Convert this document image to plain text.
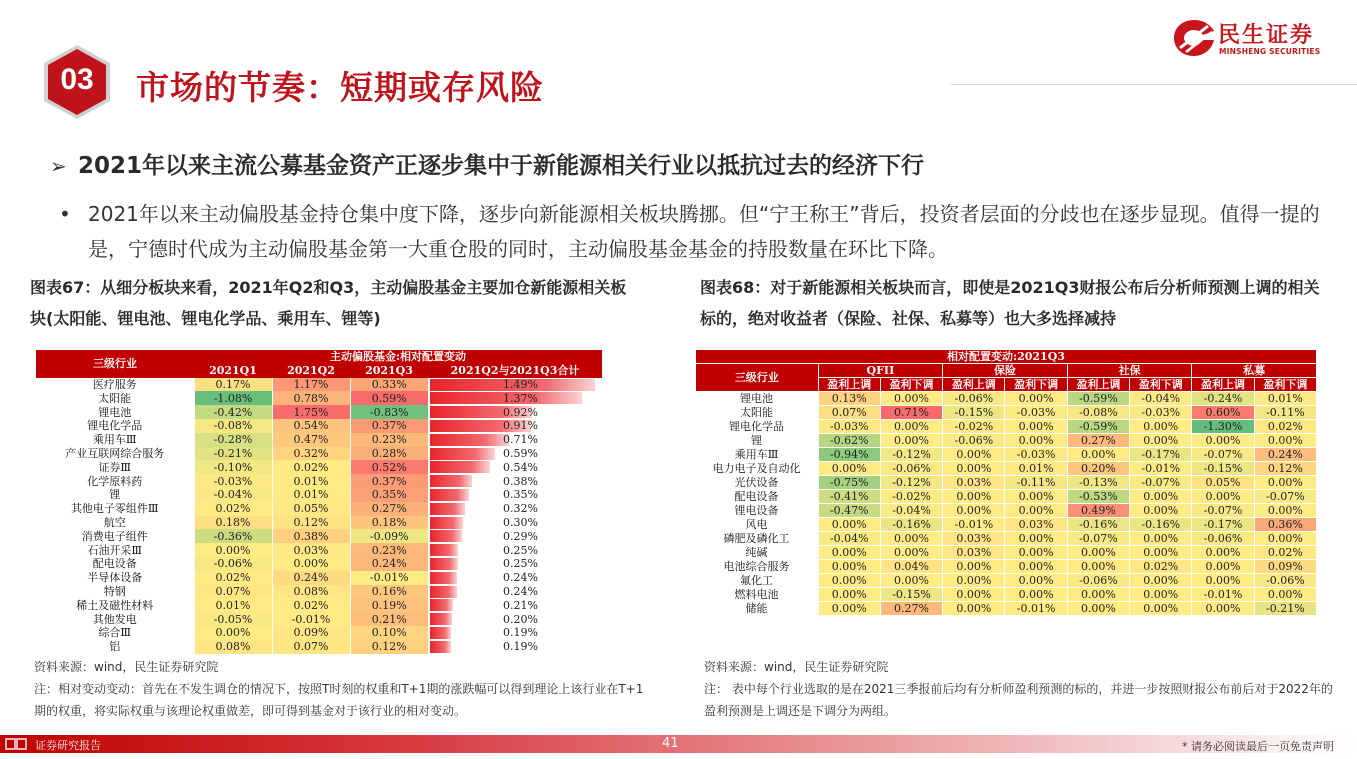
民生证券
MINSHENG SECURITIES
03	市场的节奏：短期或存风险
➢ 2021年以来主流公募基金资产正逐步集中于新能源相关行业以抵抗过去的经济下行
• 2021年以来主动偏股基金持仓集中度下降，逐步向新能源相关板块腾挪。但“宁王称王”背后，投资者层面的分歧也在逐步显现。值得一提的是，宁德时代成为主动偏股基金第一大重仓股的同时，主动偏股基金基金的持股数量在环比下降。
图表67：从细分板块来看，2021年Q2和Q3，主动偏股基金主要加仓新能源相关板块(太阳能、锂电池、锂电化学品、乘用车、锂等)
图表68：对于新能源相关板块而言，即使是2021Q3财报公布后分析师预测上调的相关标的，绝对收益者（保险、社保、私募等）也大多选择减持
三级行业	主动偏股基金:相对配置变动			
	2021Q1	2021Q2	2021Q3	2021Q2与2021Q3合计
医疗服务	0.17%	1.17%	0.33%	1.49%
太阳能	-1.08%	0.78%	0.59%	1.37%
锂电池	-0.42%	1.75%	-0.83%	0.92%
锂电化学品	-0.08%	0.54%	0.37%	0.91%
乘用车Ⅲ	-0.28%	0.47%	0.23%	0.71%
产业互联网综合服务	-0.21%	0.32%	0.28%	0.59%
证券Ⅲ	-0.10%	0.02%	0.52%	0.54%
化学原料药	-0.03%	0.01%	0.37%	0.38%
锂	-0.04%	0.01%	0.35%	0.35%
其他电子零组件Ⅲ	0.02%	0.05%	0.27%	0.32%
航空	0.18%	0.12%	0.18%	0.30%
消费电子组件	-0.36%	0.38%	-0.09%	0.29%
石油开采Ⅲ	0.00%	0.03%	0.23%	0.25%
配电设备	-0.06%	0.00%	0.24%	0.25%
半导体设备	0.02%	0.24%	-0.01%	0.24%
特钢	0.07%	0.08%	0.16%	0.24%
稀土及磁性材料	0.01%	0.02%	0.19%	0.21%
其他发电	-0.05%	-0.01%	0.21%	0.20%
综合Ⅲ	0.00%	0.09%	0.10%	0.19%
铝	0.08%	0.07%	0.12%	0.19%
相对配置变动:2021Q3								
三级行业	QFII		保险		社保		私募	
	盈利上调	盈利下调	盈利上调	盈利下调	盈利上调	盈利下调	盈利上调	盈利下调
锂电池	0.13%	0.00%	-0.06%	0.00%	-0.59%	-0.04%	-0.24%	0.01%
太阳能	0.07%	0.71%	-0.15%	-0.03%	-0.08%	-0.03%	0.60%	-0.11%
锂电化学品	-0.03%	0.00%	-0.02%	0.00%	-0.59%	0.00%	-1.30%	0.02%
锂	-0.62%	0.00%	-0.06%	0.00%	0.27%	0.00%	0.00%	0.00%
乘用车Ⅲ	-0.94%	-0.12%	0.00%	-0.03%	0.00%	-0.17%	-0.07%	0.24%
电力电子及自动化	0.00%	-0.06%	0.00%	0.01%	0.20%	-0.01%	-0.15%	0.12%
光伏设备	-0.75%	-0.12%	0.03%	-0.11%	-0.13%	-0.07%	0.05%	0.00%
配电设备	-0.41%	-0.02%	0.00%	0.00%	-0.53%	0.00%	0.00%	-0.07%
锂电设备	-0.47%	-0.04%	0.00%	0.00%	0.49%	0.00%	-0.07%	0.00%
风电	0.00%	-0.16%	-0.01%	0.03%	-0.16%	-0.16%	-0.17%	0.36%
磷肥及磷化工	-0.04%	0.00%	0.03%	0.00%	-0.07%	0.00%	-0.06%	0.00%
纯碱	0.00%	0.00%	0.03%	0.00%	0.00%	0.00%	0.00%	0.02%
电池综合服务	0.00%	0.04%	0.00%	0.00%	0.00%	0.02%	0.00%	0.09%
氟化工	0.00%	0.00%	0.00%	0.00%	-0.06%	0.00%	0.00%	-0.06%
燃料电池	0.00%	-0.15%	0.00%	0.00%	0.00%	0.00%	-0.01%	0.00%
储能	0.00%	0.27%	0.00%	-0.01%	0.00%	0.00%	0.00%	-0.21%
资料来源：wind，民生证券研究院
注：相对变动变动：首先在不发生调仓的情况下，按照T时刻的权重和T+1期的涨跌幅可以得到理论上该行业在T+1期的权重，将实际权重与该理论权重做差，即可得到基金对于该行业的相对变动。
资料来源：wind，民生证券研究院
注： 表中每个行业选取的是在2021三季报前后均有分析师盈利预测的标的，并进一步按照财报公布前后对于2022年的盈利预测是上调还是下调分为两组。
证券研究报告	41	* 请务必阅读最后一页免责声明
